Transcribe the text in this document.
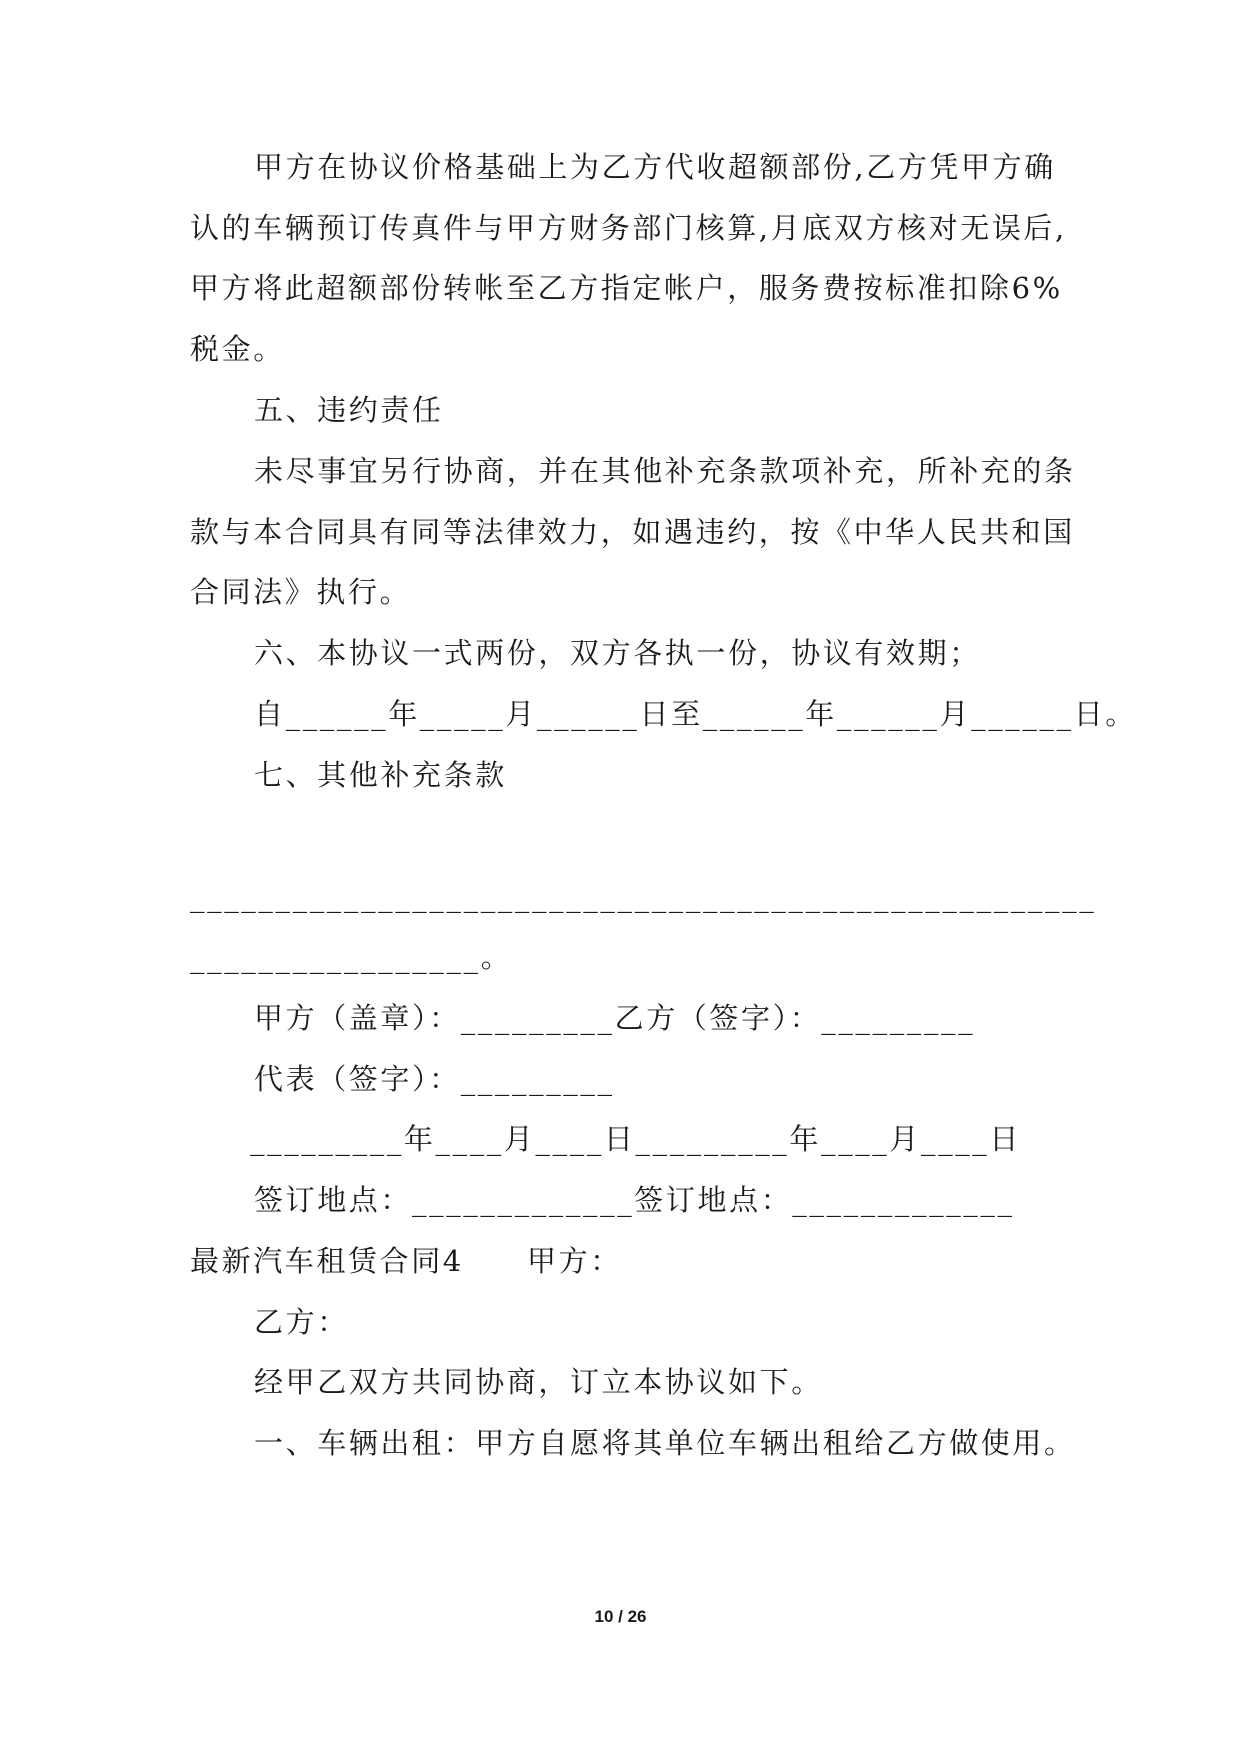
甲方在协议价格基础上为乙方代收超额部份,乙方凭甲方确
认的车辆预订传真件与甲方财务部门核算,月底双方核对无误后,
甲方将此超额部份转帐至乙方指定帐户，服务费按标准扣除6%
税金。
五、违约责任
未尽事宜另行协商，并在其他补充条款项补充，所补充的条
款与本合同具有同等法律效力，如遇违约，按《中华人民共和国
合同法》执行。
六、本协议一式两份，双方各执一份，协议有效期；
自______年_____月______日至______年______月______日。
七、其他补充条款
_____________________________________________________
_________________。
甲方（盖章）：_________乙方（签字）：_________
代表（签字）：_________
_________年____月____日_________年____月____日
签订地点：_____________签订地点：_____________
最新汽车租赁合同4　　甲方：
乙方：
经甲乙双方共同协商，订立本协议如下。
一、车辆出租：甲方自愿将其单位车辆出租给乙方做使用。
10 / 26
